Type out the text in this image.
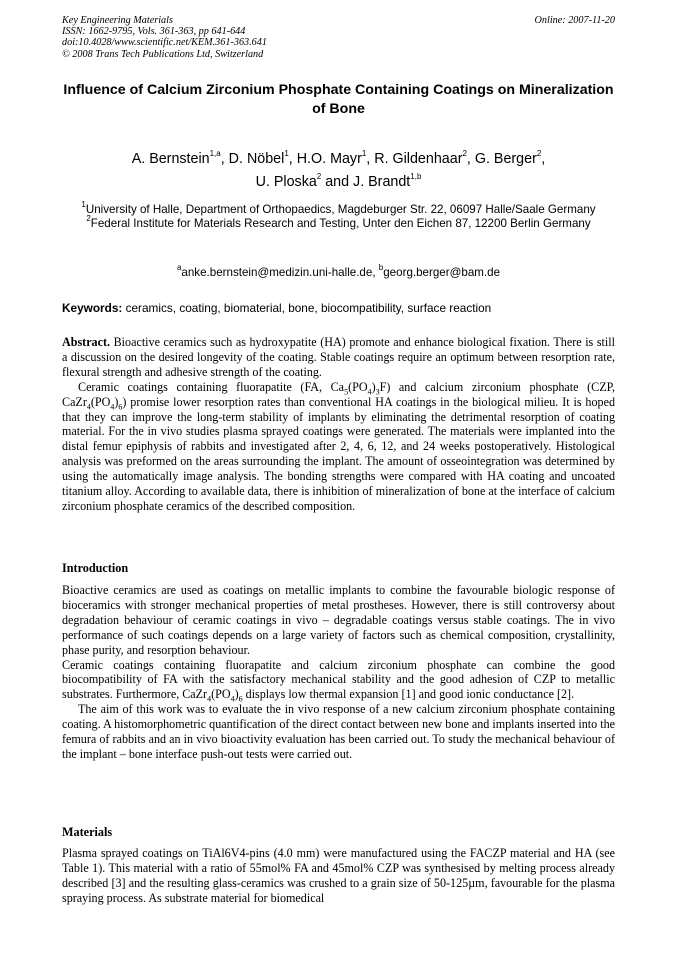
Key Engineering Materials
ISSN: 1662-9795, Vols. 361-363, pp 641-644
doi:10.4028/www.scientific.net/KEM.361-363.641
© 2008 Trans Tech Publications Ltd, Switzerland
Online: 2007-11-20
Influence of Calcium Zirconium Phosphate Containing Coatings on Mineralization of Bone
A. Bernstein$^{1,a}$, D. Nöbel$^1$, H.O. Mayr$^1$, R. Gildenhaar$^2$, G. Berger$^2$,
U. Ploska$^2$ and J. Brandt$^{1,b}$
$^1$University of Halle, Department of Orthopaedics, Magdeburger Str. 22, 06097 Halle/Saale Germany
$^2$Federal Institute for Materials Research and Testing, Unter den Eichen 87, 12200 Berlin Germany
$^a$anke.bernstein@medizin.uni-halle.de, $^b$georg.berger@bam.de
Keywords: ceramics, coating, biomaterial, bone, biocompatibility, surface reaction

Abstract. Bioactive ceramics such as hydroxypatite (HA) promote and enhance biological fixation. There is still a discussion on the desired longevity of the coating. Stable coatings require an optimum between resorption rate, flexural strength and adhesive strength of the coating.

Ceramic coatings containing fluorapatite (FA, $Ca_5(PO_4)_3F$) and calcium zirconium phosphate (CZP, $CaZr_4(PO_4)_6$) promise lower resorption rates than conventional HA coatings in the biological milieu. It is hoped that they can improve the long-term stability of implants by eliminating the detrimental resorption of coating material. For the in vivo studies plasma sprayed coatings were generated. The materials were implanted into the distal femur epiphysis of rabbits and investigated after 2, 4, 6, 12, and 24 weeks postoperatively. Histological analysis was preformed on the areas surrounding the implant. The amount of osseointegration was determined by using the automatically image analysis. The bonding strengths were compared with HA coating and uncoated titanium alloy. According to available data, there is inhibition of mineralization of bone at the interface of calcium zirconium phosphate ceramics of the described composition.

Introduction

Bioactive ceramics are used as coatings on metallic implants to combine the favourable biologic response of bioceramics with stronger mechanical properties of metal prostheses. However, there is still controversy about degradation behaviour of ceramic coatings in vivo – degradable coatings versus stable coatings. The in vivo performance of such coatings depends on a large variety of factors such as chemical composition, crystallinity, phase purity, and resorption behaviour.

Ceramic coatings containing fluorapatite and calcium zirconium phosphate can combine the good biocompatibility of FA with the satisfactory mechanical stability and the good adhesion of CZP to metallic substrates. Furthermore, $CaZr_4(PO_4)_6$ displays low thermal expansion [1] and good ionic conductance [2].

The aim of this work was to evaluate the in vivo response of a new calcium zirconium phosphate containing coating. A histomorphometric quantification of the direct contact between new bone and implants inserted into the femura of rabbits and an in vivo bioactivity evaluation has been carried out. To study the mechanical behaviour of the implant – bone interface push-out tests were carried out.

Materials

Plasma sprayed coatings on TiAl6V4-pins (4.0 mm) were manufactured using the FACZP material and HA (see Table 1). This material with a ratio of 55mol% FA and 45mol% CZP was synthesised by melting process already described [3] and the resulting glass-ceramics was crushed to a grain size of 50-125µm, favourable for the plasma spraying process. As substrate material for biomedical
